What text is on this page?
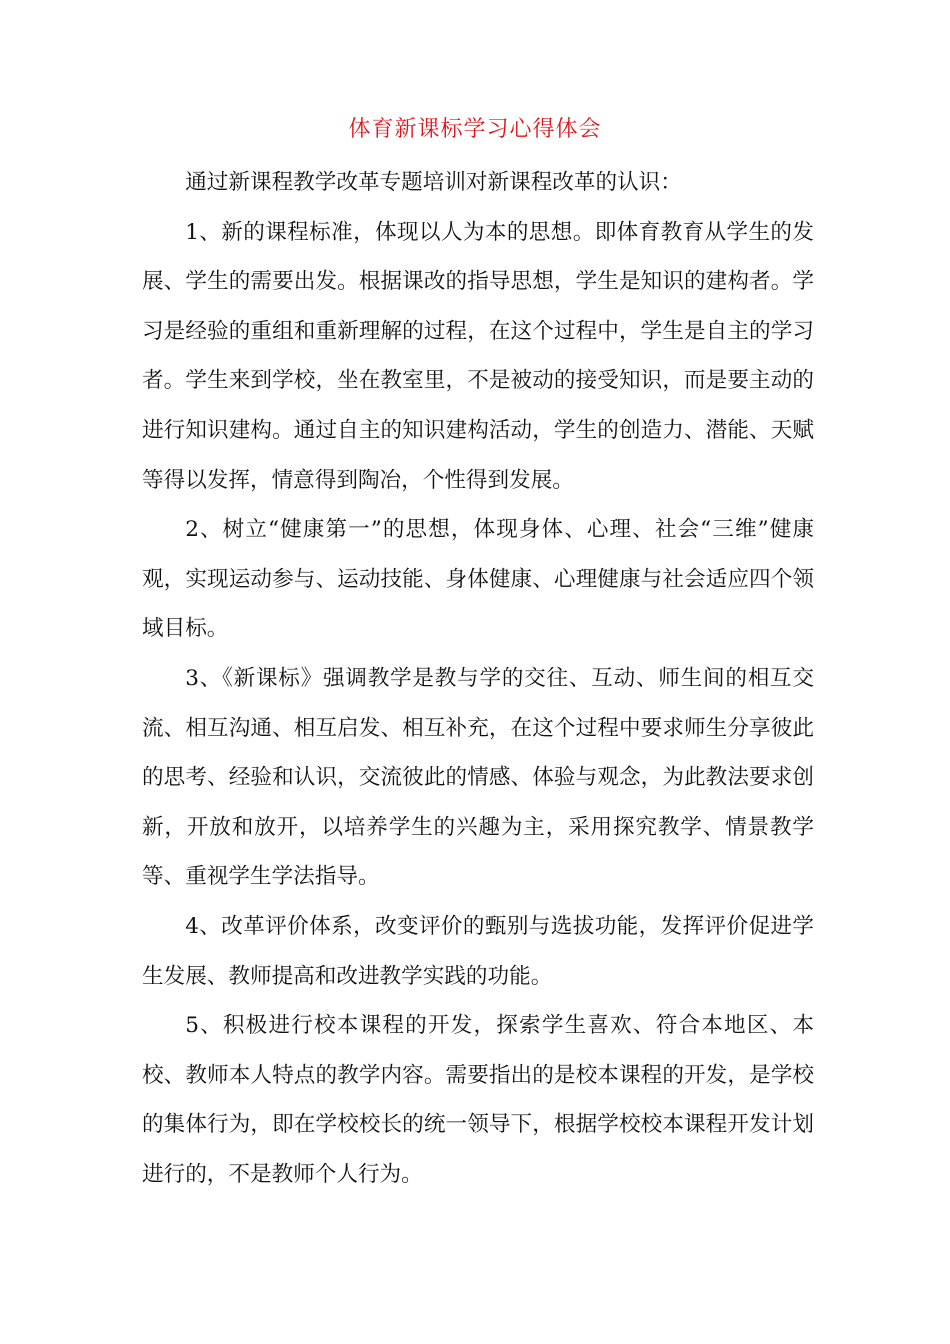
体育新课标学习心得体会

通过新课程教学改革专题培训对新课程改革的认识：

1、新的课程标准，体现以人为本的思想。即体育教育从学生的发展、学生的需要出发。根据课改的指导思想，学生是知识的建构者。学习是经验的重组和重新理解的过程，在这个过程中，学生是自主的学习者。学生来到学校，坐在教室里，不是被动的接受知识，而是要主动的进行知识建构。通过自主的知识建构活动，学生的创造力、潜能、天赋等得以发挥，情意得到陶冶，个性得到发展。

2、树立“健康第一”的思想，体现身体、心理、社会“三维”健康观，实现运动参与、运动技能、身体健康、心理健康与社会适应四个领域目标。

3、《新课标》强调教学是教与学的交往、互动、师生间的相互交流、相互沟通、相互启发、相互补充，在这个过程中要求师生分享彼此的思考、经验和认识，交流彼此的情感、体验与观念，为此教法要求创新，开放和放开，以培养学生的兴趣为主，采用探究教学、情景教学等、重视学生学法指导。

4、改革评价体系，改变评价的甄别与选拔功能，发挥评价促进学生发展、教师提高和改进教学实践的功能。

5、积极进行校本课程的开发，探索学生喜欢、符合本地区、本校、教师本人特点的教学内容。需要指出的是校本课程的开发，是学校的集体行为，即在学校校长的统一领导下，根据学校校本课程开发计划进行的，不是教师个人行为。
